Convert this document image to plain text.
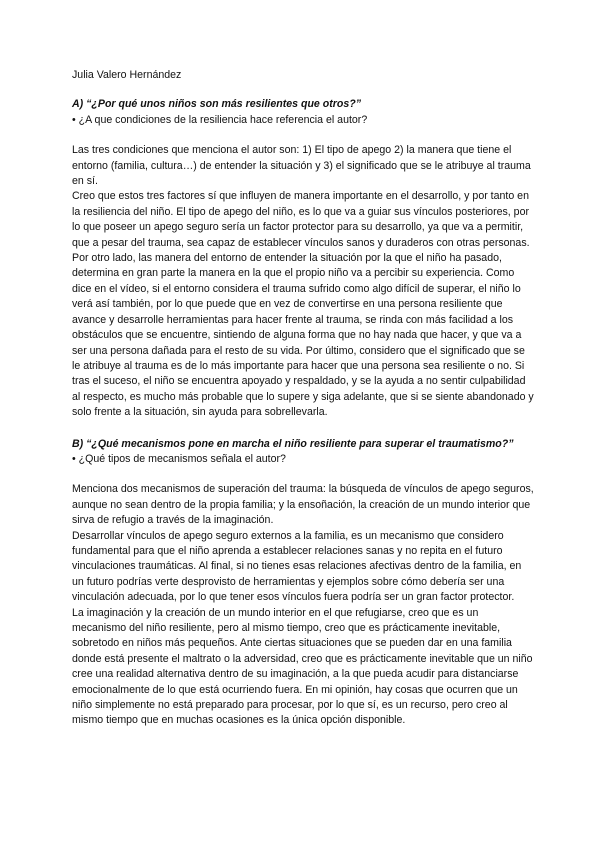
Julia Valero Hernández

A) “¿Por qué unos niños son más resilientes que otros?”

• ¿A que condiciones de la resiliencia hace referencia el autor?

Las tres condiciones que menciona el autor son: 1) El tipo de apego 2) la manera que tiene el entorno (familia, cultura…) de entender la situación y 3) el significado que se le atribuye al trauma en sí.

Creo que estos tres factores sí que influyen de manera importante en el desarrollo, y por tanto en la resiliencia del niño. El tipo de apego del niño, es lo que va a guiar sus vínculos posteriores, por lo que poseer un apego seguro sería un factor protector para su desarrollo, ya que va a permitir, que a pesar del trauma, sea capaz de establecer vínculos sanos y duraderos con otras personas. Por otro lado, las manera del entorno de entender la situación por la que el niño ha pasado, determina en gran parte la manera en la que el propio niño va a percibir su experiencia. Como dice en el vídeo, si el entorno considera el trauma sufrido como algo difícil de superar, el niño lo verá así también, por lo que puede que en vez de convertirse en una persona resiliente que avance y desarrolle herramientas para hacer frente al trauma, se rinda con más facilidad a los obstáculos que se encuentre, sintiendo de alguna forma que no hay nada que hacer, y que va a ser una persona dañada para el resto de su vida. Por último, considero que el significado que se le atribuye al trauma es de lo más importante para hacer que una persona sea resiliente o no. Si tras el suceso, el niño se encuentra apoyado y respaldado, y se la ayuda a no sentir culpabilidad al respecto, es mucho más probable que lo supere y siga adelante, que si se siente abandonado y solo frente a la situación, sin ayuda para sobrellevarla.

B) “¿Qué mecanismos pone en marcha el niño resiliente para superar el traumatismo?”

• ¿Qué tipos de mecanismos señala el autor?

Menciona dos mecanismos de superación del trauma: la búsqueda de vínculos de apego seguros, aunque no sean dentro de la propia familia; y la ensoñación, la creación de un mundo interior que sirva de refugio a través de la imaginación.

Desarrollar vínculos de apego seguro externos a la familia, es un mecanismo que considero fundamental para que el niño aprenda a establecer relaciones sanas y no repita en el futuro vinculaciones traumáticas. Al final, si no tienes esas relaciones afectivas dentro de la familia, en un futuro podrías verte desprovisto de herramientas y ejemplos sobre cómo debería ser una vinculación adecuada, por lo que tener esos vínculos fuera podría ser un gran factor protector.

La imaginación y la creación de un mundo interior en el que refugiarse, creo que es un mecanismo del niño resiliente, pero al mismo tiempo, creo que es prácticamente inevitable, sobretodo en niños más pequeños. Ante ciertas situaciones que se pueden dar en una familia donde está presente el maltrato o la adversidad, creo que es prácticamente inevitable que un niño cree una realidad alternativa dentro de su imaginación, a la que pueda acudir para distanciarse emocionalmente de lo que está ocurriendo fuera. En mi opinión, hay cosas que ocurren que un niño simplemente no está preparado para procesar, por lo que sí, es un recurso, pero creo al mismo tiempo que en muchas ocasiones es la única opción disponible.
